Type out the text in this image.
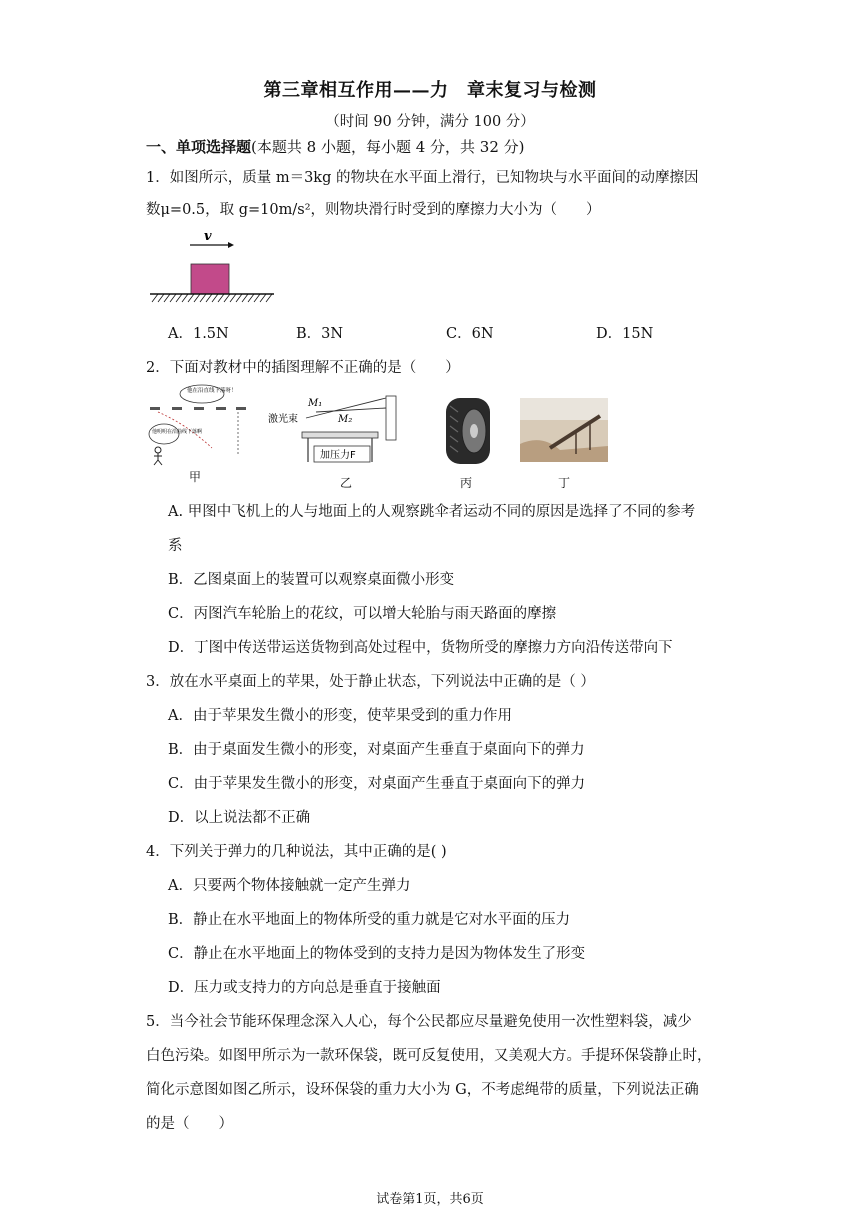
第三章相互作用——力　章末复习与检测
（时间 90 分钟，满分 100 分）
一、单项选择题(本题共 8 小题，每小题 4 分，共 32 分)
1．如图所示，质量 m＝3kg 的物块在水平面上滑行，已知物块与水平面间的动摩擦因
数μ=0.5，取 g=10m/s²，则物块滑行时受到的摩擦力大小为（　　）
v
A．1.5N	B．3N	C．6N	D．15N
2．下面对教材中的插图理解不正确的是（　　）
他在沿直线下落呀！
他明明在沿曲线下落啊
甲
M₁
M₂
激光束
加压力F
乙	丙	丁
A. 甲图中飞机上的人与地面上的人观察跳伞者运动不同的原因是选择了不同的参考
系
B．乙图桌面上的装置可以观察桌面微小形变
C．丙图汽车轮胎上的花纹，可以增大轮胎与雨天路面的摩擦
D．丁图中传送带运送货物到高处过程中，货物所受的摩擦力方向沿传送带向下
3．放在水平桌面上的苹果，处于静止状态，下列说法中正确的是（ ）
A．由于苹果发生微小的形变，使苹果受到的重力作用
B．由于桌面发生微小的形变，对桌面产生垂直于桌面向下的弹力
C．由于苹果发生微小的形变，对桌面产生垂直于桌面向下的弹力
D．以上说法都不正确
4．下列关于弹力的几种说法，其中正确的是( )
A．只要两个物体接触就一定产生弹力
B．静止在水平地面上的物体所受的重力就是它对水平面的压力
C．静止在水平地面上的物体受到的支持力是因为物体发生了形变
D．压力或支持力的方向总是垂直于接触面
5．当今社会节能环保理念深入人心，每个公民都应尽量避免使用一次性塑料袋，减少
白色污染。如图甲所示为一款环保袋，既可反复使用，又美观大方。手提环保袋静止时，
简化示意图如图乙所示，设环保袋的重力大小为 G，不考虑绳带的质量，下列说法正确
的是（　　）
试卷第1页，共6页
